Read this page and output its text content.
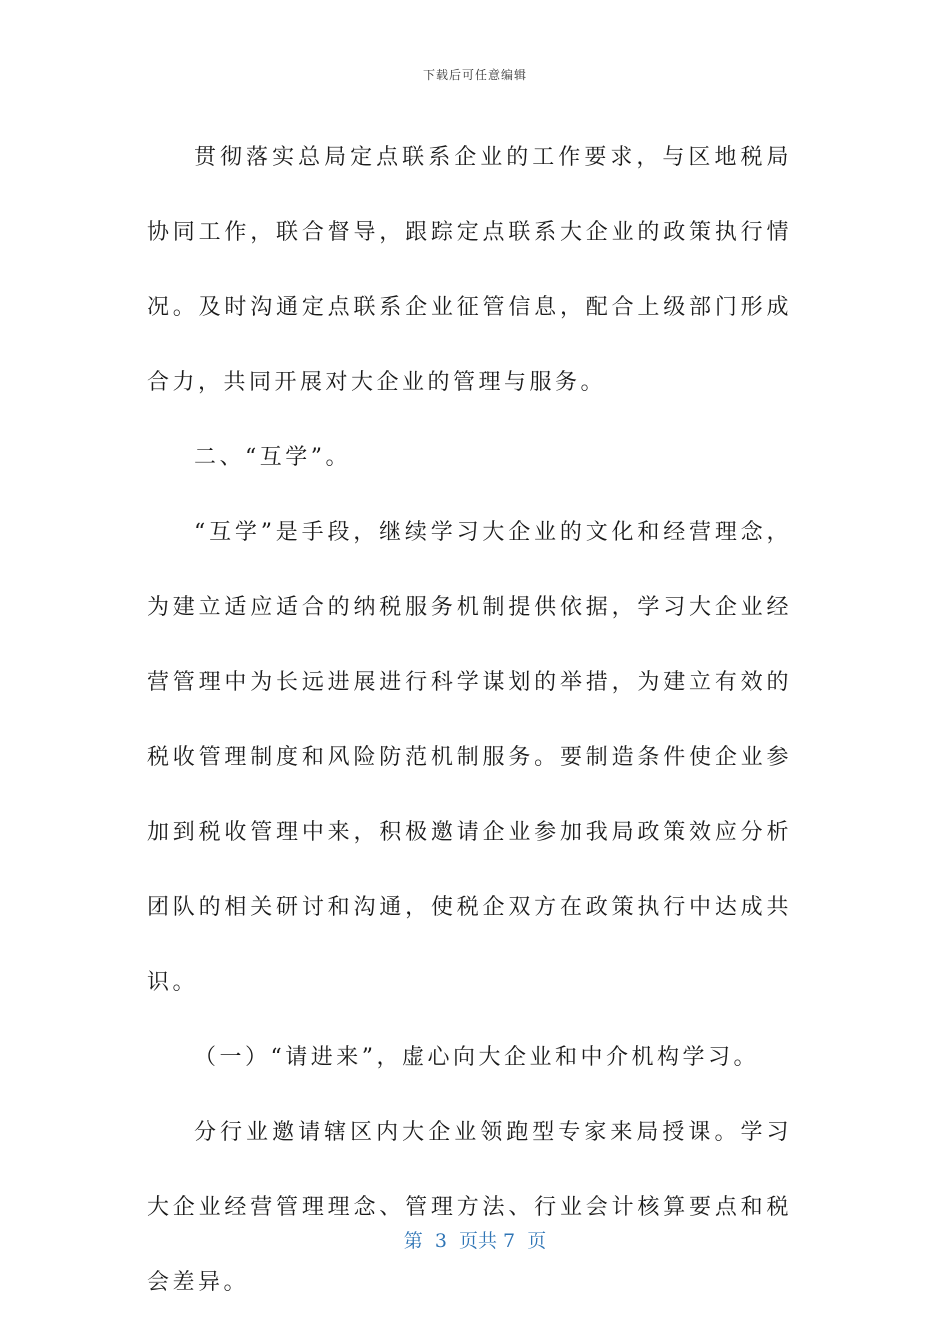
下载后可任意编辑

贯彻落实总局定点联系企业的工作要求，与区地税局协同工作，联合督导，跟踪定点联系大企业的政策执行情况。及时沟通定点联系企业征管信息，配合上级部门形成合力，共同开展对大企业的管理与服务。

二、“互学”。

“互学”是手段，继续学习大企业的文化和经营理念，为建立适应适合的纳税服务机制提供依据，学习大企业经营管理中为长远进展进行科学谋划的举措，为建立有效的税收管理制度和风险防范机制服务。要制造条件使企业参加到税收管理中来，积极邀请企业参加我局政策效应分析团队的相关研讨和沟通，使税企双方在政策执行中达成共识。

（一）“请进来”，虚心向大企业和中介机构学习。

分行业邀请辖区内大企业领跑型专家来局授课。学习大企业经营管理理念、管理方法、行业会计核算要点和税会差异。

第  3  页共 7  页
